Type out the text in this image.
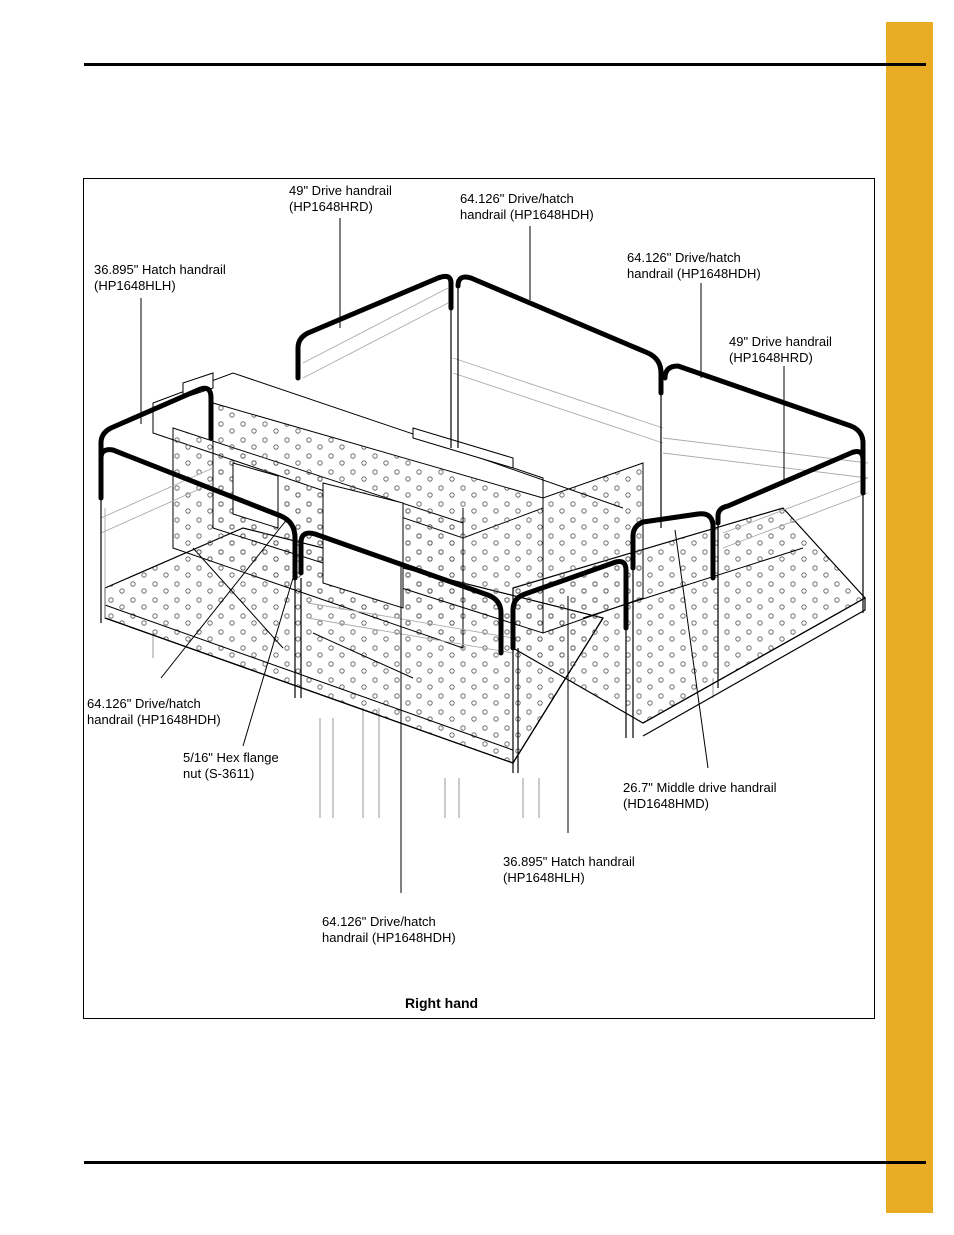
49" Drive handrail
(HP1648HRD)
64.126" Drive/hatch
handrail (HP1648HDH)
36.895" Hatch handrail
(HP1648HLH)
64.126" Drive/hatch
handrail (HP1648HDH)
49" Drive handrail
(HP1648HRD)
64.126" Drive/hatch
handrail (HP1648HDH)
5/16" Hex flange
nut (S-3611)
26.7" Middle drive handrail
(HD1648HMD)
36.895" Hatch handrail
(HP1648HLH)
64.126" Drive/hatch
handrail (HP1648HDH)
Right hand
